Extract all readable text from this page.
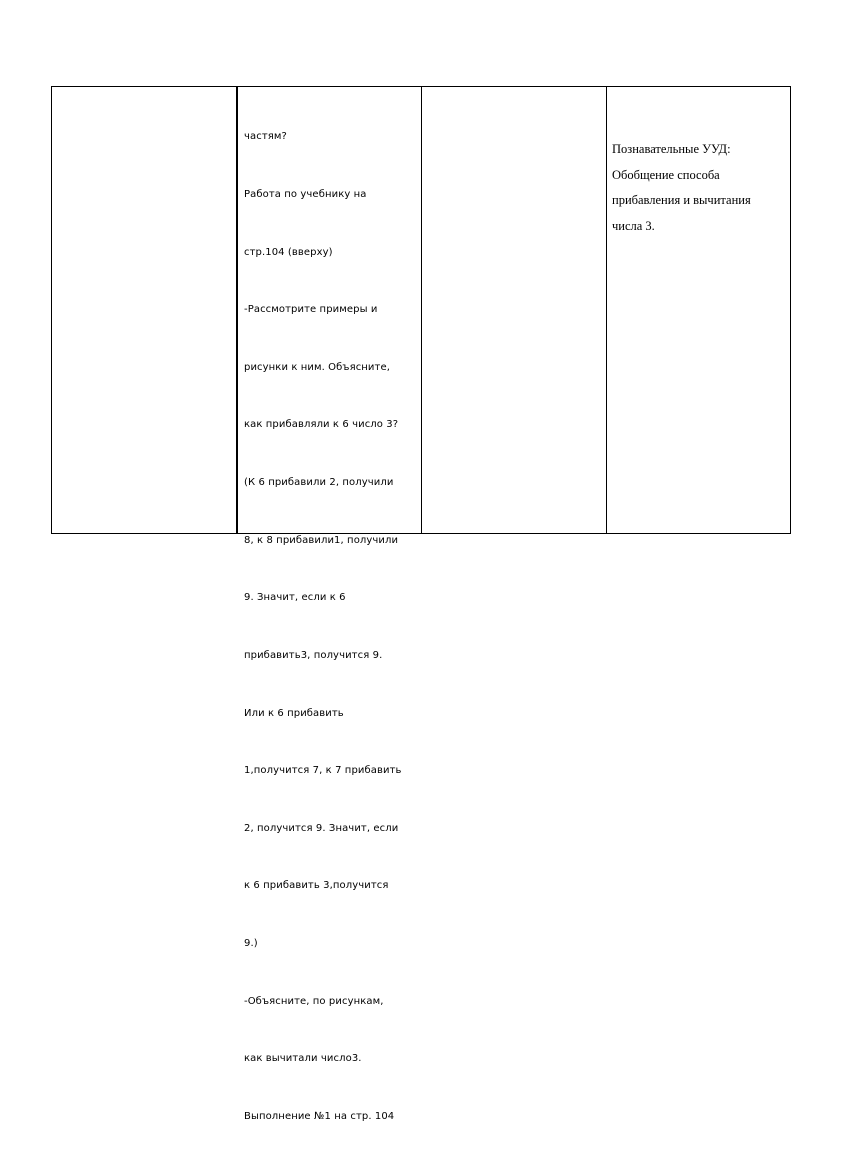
частям?

Работа по учебнику на

стр.104 (вверху)

-Рассмотрите примеры и

рисунки к ним. Объясните,

как прибавляли к 6 число 3?

(К 6 прибавили 2, получили

8, к 8 прибавили1, получили

9. Значит, если к 6

прибавить3, получится 9.

Или к 6 прибавить

1,получится 7, к 7 прибавить

2, получится 9. Значит, если

к 6 прибавить 3,получится

9.)

-Объясните, по рисункам,

как вычитали число3.

Выполнение №1 на стр. 104

Познавательные УУД:
Обобщение способа
прибавления и вычитания
числа 3.
